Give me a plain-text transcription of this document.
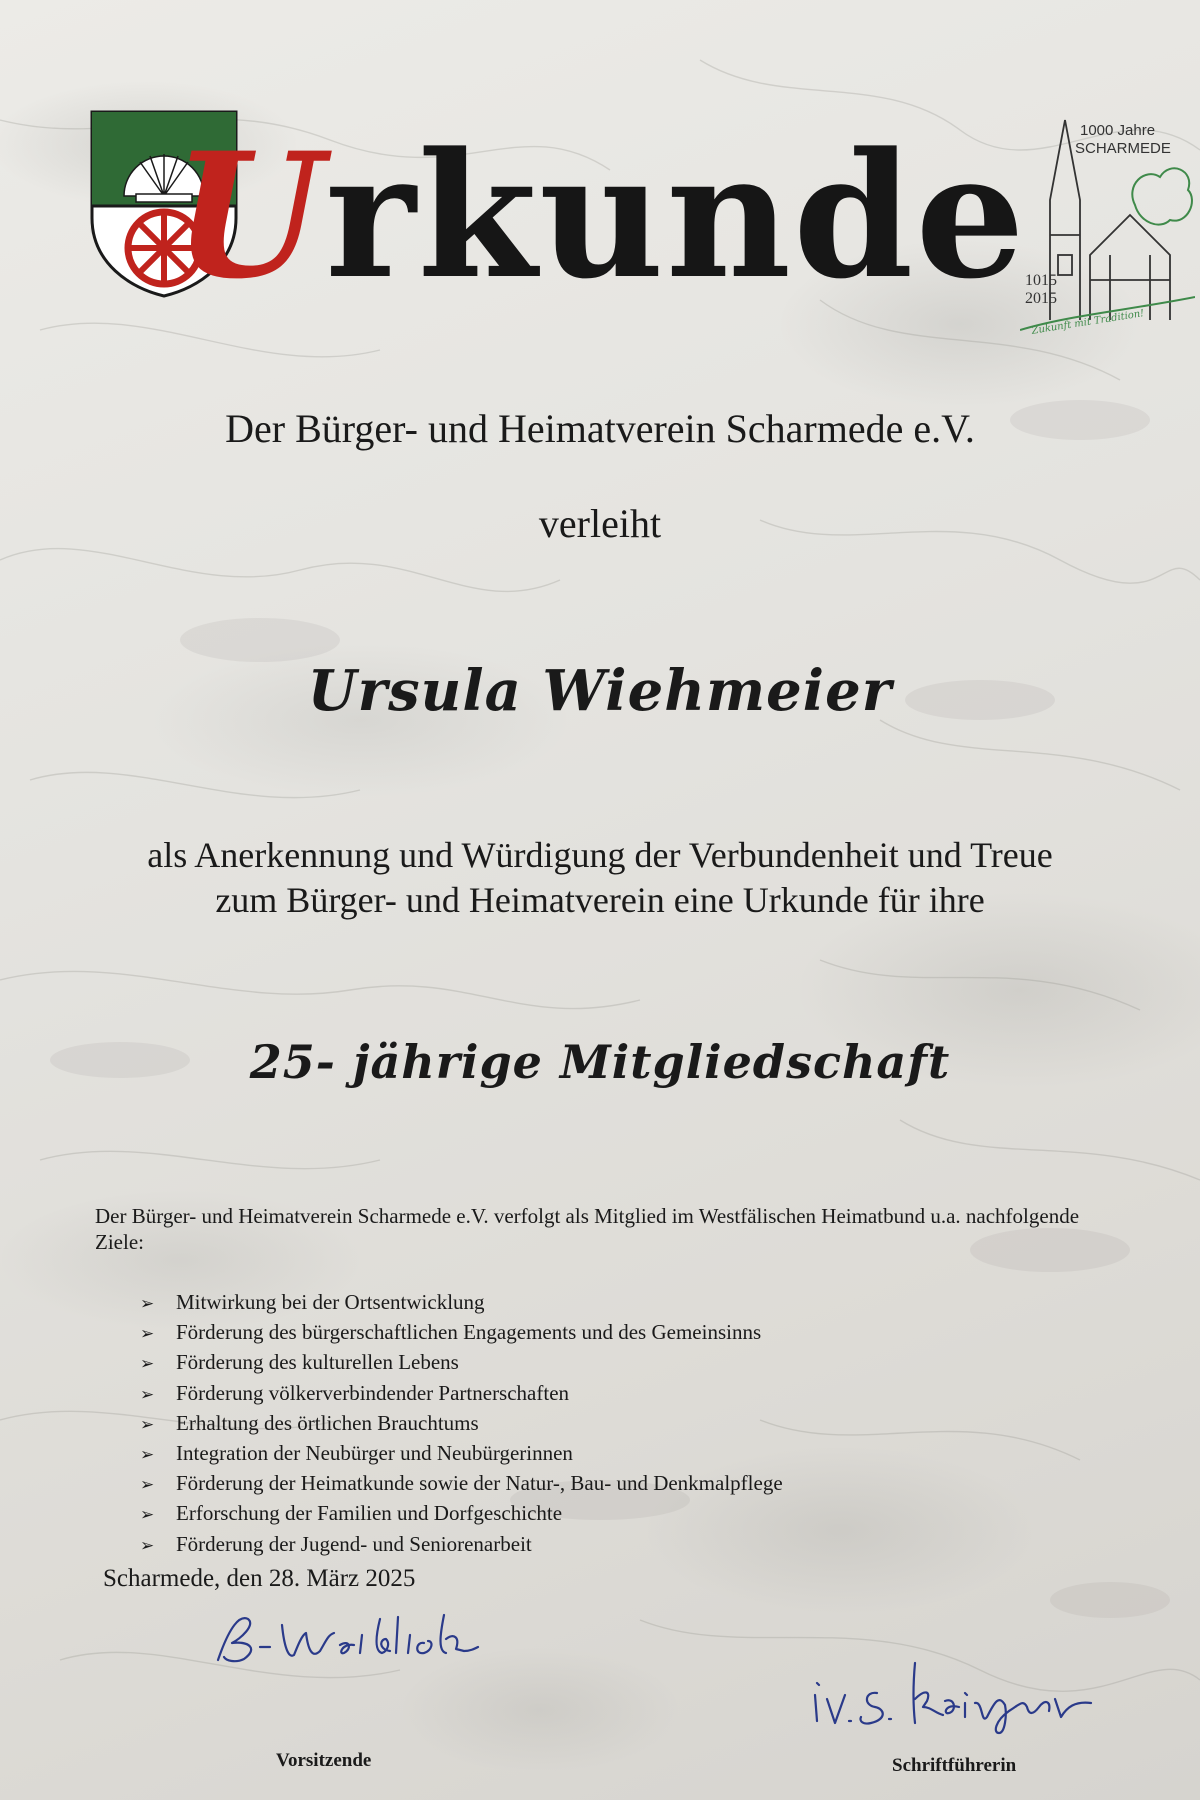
1000 Jahre
SCHARMEDE
1015
2015
Zukunft mit Tradition!
Urkunde

Der Bürger- und Heimatverein Scharmede e.V.

verleiht

Ursula Wiehmeier

als Anerkennung und Würdigung der Verbundenheit und Treue

zum Bürger- und Heimatverein eine Urkunde für ihre

25- jährige Mitgliedschaft

Der Bürger- und Heimatverein Scharmede e.V. verfolgt als Mitglied im Westfälischen Heimatbund u.a. nachfolgende Ziele:

➢ Mitwirkung bei der Ortsentwicklung
➢ Förderung des bürgerschaftlichen Engagements und des Gemeinsinns
➢ Förderung des kulturellen Lebens
➢ Förderung völkerverbindender Partnerschaften
➢ Erhaltung des örtlichen Brauchtums
➢ Integration der Neubürger und Neubürgerinnen
➢ Förderung der Heimatkunde sowie der Natur-, Bau- und Denkmalpflege
➢ Erforschung der Familien und Dorfgeschichte
➢ Förderung der Jugend- und Seniorenarbeit

Scharmede, den 28. März 2025

Vorsitzende	Schriftführerin
